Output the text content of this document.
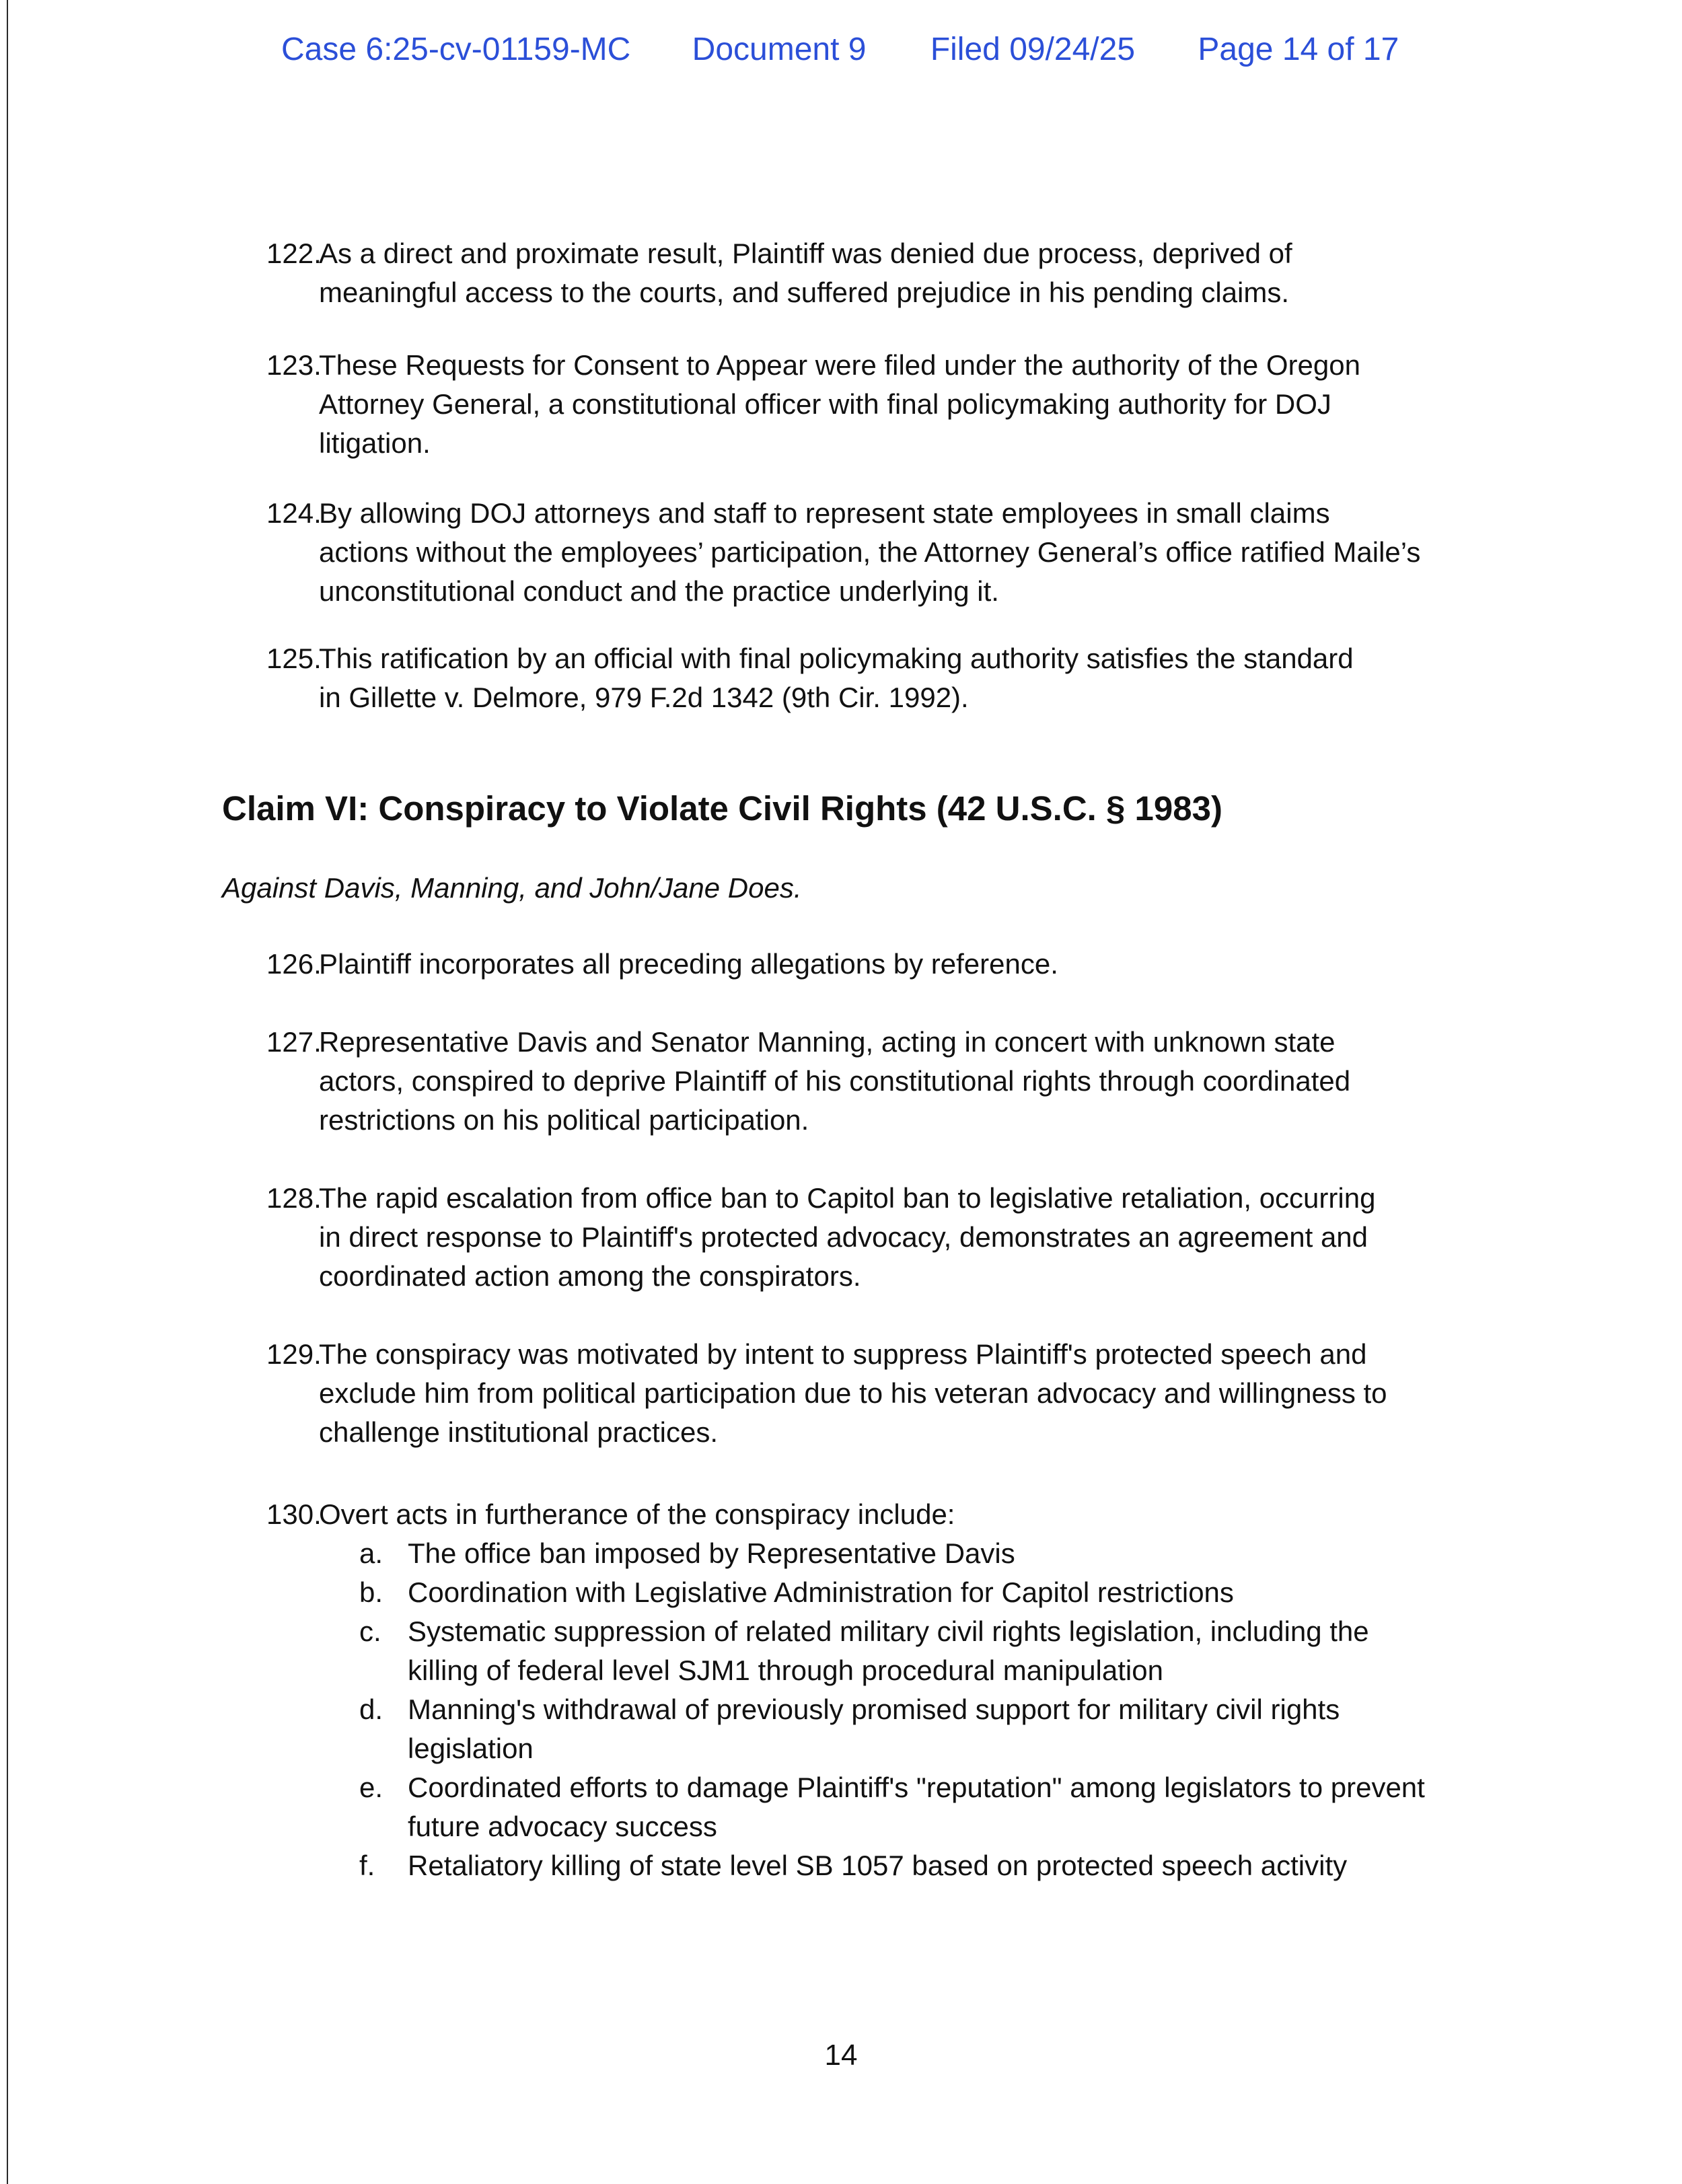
Case 6:25-cv-01159-MC Document 9 Filed 09/24/25 Page 14 of 17
122.As a direct and proximate result, Plaintiff was denied due process, deprived of
meaningful access to the courts, and suffered prejudice in his pending claims.
123.These Requests for Consent to Appear were filed under the authority of the Oregon
Attorney General, a constitutional officer with final policymaking authority for DOJ
litigation.
124.By allowing DOJ attorneys and staff to represent state employees in small claims
actions without the employees’ participation, the Attorney General’s office ratified Maile’s
unconstitutional conduct and the practice underlying it.
125.This ratification by an official with final policymaking authority satisfies the standard
in Gillette v. Delmore, 979 F.2d 1342 (9th Cir. 1992).
Claim VI: Conspiracy to Violate Civil Rights (42 U.S.C. § 1983)
Against Davis, Manning, and John/Jane Does.
126.Plaintiff incorporates all preceding allegations by reference.
127.Representative Davis and Senator Manning, acting in concert with unknown state
actors, conspired to deprive Plaintiff of his constitutional rights through coordinated
restrictions on his political participation.
128.The rapid escalation from office ban to Capitol ban to legislative retaliation, occurring
in direct response to Plaintiff's protected advocacy, demonstrates an agreement and
coordinated action among the conspirators.
129.The conspiracy was motivated by intent to suppress Plaintiff's protected speech and
exclude him from political participation due to his veteran advocacy and willingness to
challenge institutional practices.
130.Overt acts in furtherance of the conspiracy include:
a. The office ban imposed by Representative Davis
b. Coordination with Legislative Administration for Capitol restrictions
c. Systematic suppression of related military civil rights legislation, including the
killing of federal level SJM1 through procedural manipulation
d. Manning's withdrawal of previously promised support for military civil rights
legislation
e. Coordinated efforts to damage Plaintiff's "reputation" among legislators to prevent
future advocacy success
f.	Retaliatory killing of state level SB 1057 based on protected speech activity
14
